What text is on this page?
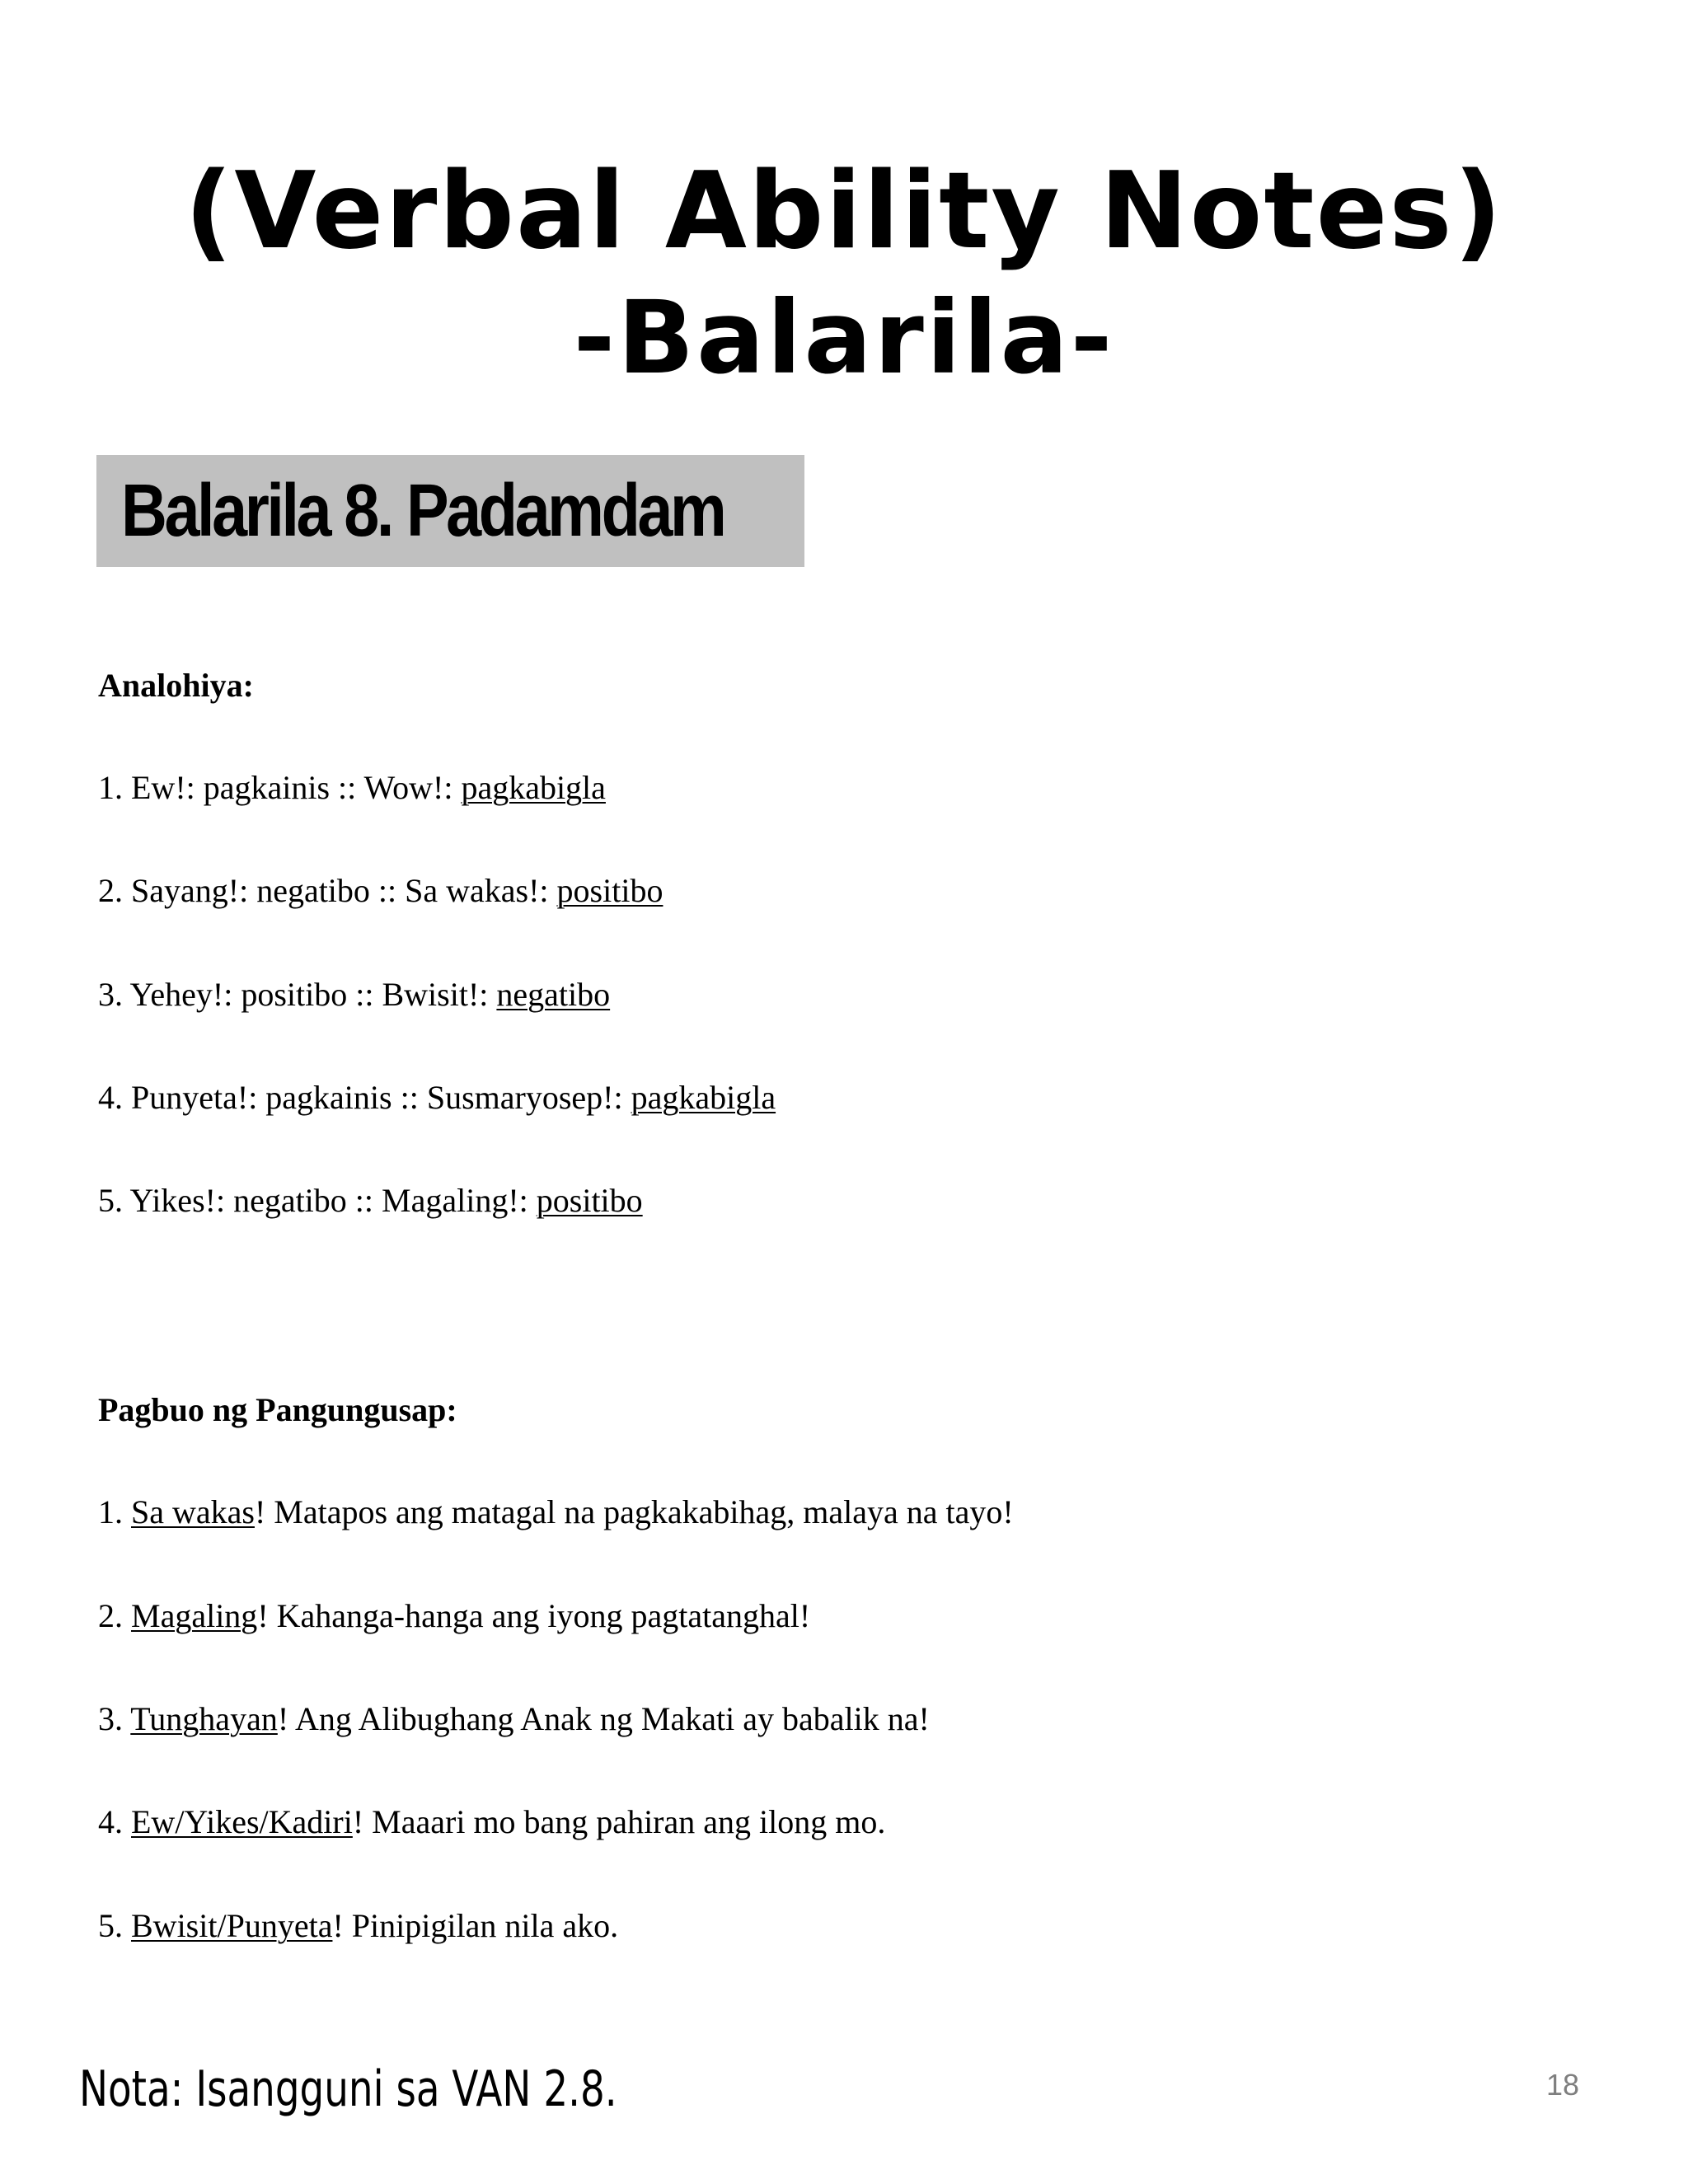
(Verbal Ability Notes)
-Balarila-
Balarila 8. Padamdam
Analohiya:
1. Ew!: pagkainis :: Wow!: pagkabigla
2. Sayang!: negatibo :: Sa wakas!: positibo
3. Yehey!: positibo :: Bwisit!: negatibo
4. Punyeta!: pagkainis :: Susmaryosep!: pagkabigla
5. Yikes!: negatibo :: Magaling!: positibo
Pagbuo ng Pangungusap:
1. Sa wakas! Matapos ang matagal na pagkakabihag, malaya na tayo!
2. Magaling! Kahanga-hanga ang iyong pagtatanghal!
3. Tunghayan! Ang Alibughang Anak ng Makati ay babalik na!
4. Ew/Yikes/Kadiri! Maaari mo bang pahiran ang ilong mo.
5. Bwisit/Punyeta! Pinipigilan nila ako.
Nota: Isangguni sa VAN 2.8.	18
